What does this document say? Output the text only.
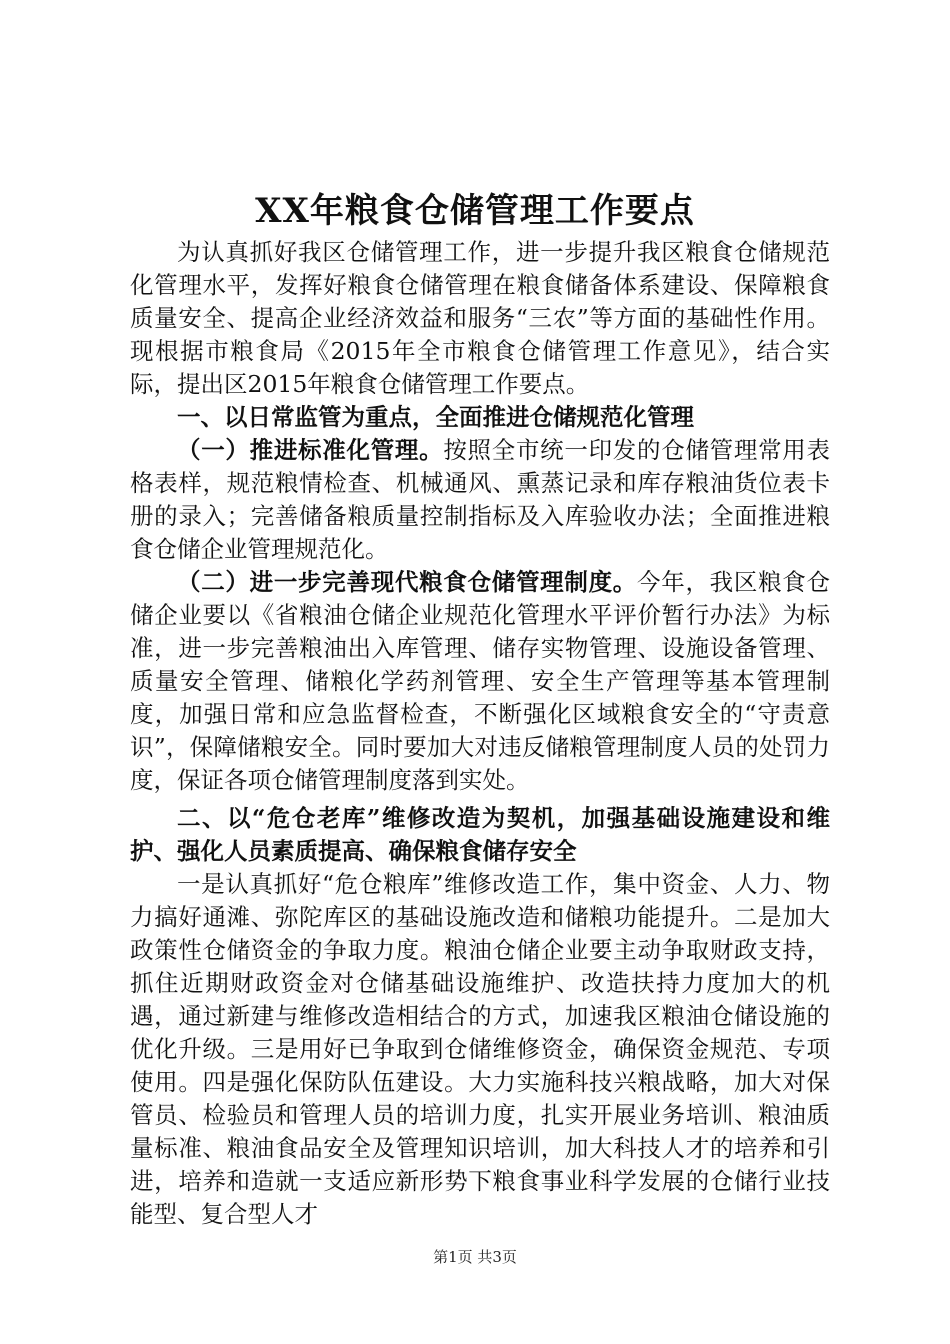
XX年粮食仓储管理工作要点

为认真抓好我区仓储管理工作，进一步提升我区粮食仓储规范化管理水平，发挥好粮食仓储管理在粮食储备体系建设、保障粮食质量安全、提高企业经济效益和服务“三农”等方面的基础性作用。现根据市粮食局《2015年全市粮食仓储管理工作意见》，结合实际，提出区2015年粮食仓储管理工作要点。

一、以日常监管为重点，全面推进仓储规范化管理

（一）推进标准化管理。按照全市统一印发的仓储管理常用表格表样，规范粮情检查、机械通风、熏蒸记录和库存粮油货位表卡册的录入；完善储备粮质量控制指标及入库验收办法；全面推进粮食仓储企业管理规范化。

（二）进一步完善现代粮食仓储管理制度。今年，我区粮食仓储企业要以《省粮油仓储企业规范化管理水平评价暂行办法》为标准，进一步完善粮油出入库管理、储存实物管理、设施设备管理、质量安全管理、储粮化学药剂管理、安全生产管理等基本管理制度，加强日常和应急监督检查，不断强化区域粮食安全的“守责意识”，保障储粮安全。同时要加大对违反储粮管理制度人员的处罚力度，保证各项仓储管理制度落到实处。

二、以“危仓老库”维修改造为契机，加强基础设施建设和维护、强化人员素质提高、确保粮食储存安全

一是认真抓好“危仓粮库”维修改造工作，集中资金、人力、物力搞好通滩、弥陀库区的基础设施改造和储粮功能提升。二是加大政策性仓储资金的争取力度。粮油仓储企业要主动争取财政支持，抓住近期财政资金对仓储基础设施维护、改造扶持力度加大的机遇，通过新建与维修改造相结合的方式，加速我区粮油仓储设施的优化升级。三是用好已争取到仓储维修资金，确保资金规范、专项使用。四是强化保防队伍建设。大力实施科技兴粮战略，加大对保管员、检验员和管理人员的培训力度，扎实开展业务培训、粮油质量标准、粮油食品安全及管理知识培训，加大科技人才的培养和引进，培养和造就一支适应新形势下粮食事业科学发展的仓储行业技能型、复合型人才

第1页 共3页
